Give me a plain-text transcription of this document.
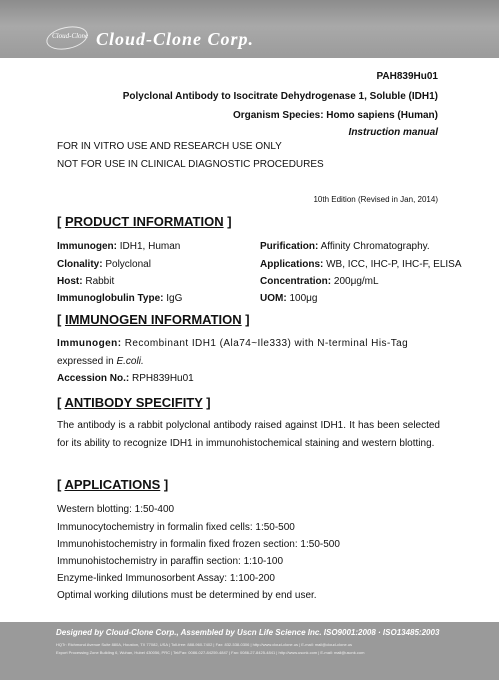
Cloud-Clone Cloud-Clone Corp.
PAH839Hu01
Polyclonal Antibody to Isocitrate Dehydrogenase 1, Soluble (IDH1)
Organism Species: Homo sapiens (Human)
Instruction manual
FOR IN VITRO USE AND RESEARCH USE ONLY
NOT FOR USE IN CLINICAL DIAGNOSTIC PROCEDURES
10th Edition (Revised in Jan, 2014)
[ PRODUCT INFORMATION ]
Immunogen: IDH1, Human
Clonality: Polyclonal
Host: Rabbit
Immunoglobulin Type: IgG
Purification: Affinity Chromatography.
Applications: WB, ICC, IHC-P, IHC-F, ELISA
Concentration: 200μg/mL
UOM: 100μg
[ IMMUNOGEN INFORMATION ]
Immunogen: Recombinant IDH1 (Ala74~Ile333) with N-terminal His-Tag
expressed in E.coli.
Accession No.: RPH839Hu01
[ ANTIBODY SPECIFITY ]
The antibody is a rabbit polyclonal antibody raised against IDH1. It has been selected for its ability to recognize IDH1 in immunohistochemical staining and western blotting.
[ APPLICATIONS ]
Western blotting: 1:50-400
Immunocytochemistry in formalin fixed cells: 1:50-500
Immunohistochemistry in formalin fixed frozen section: 1:50-500
Immunohistochemistry in paraffin section: 1:10-100
Enzyme-linked Immunosorbent Assay: 1:100-200
Optimal working dilutions must be determined by end user.
Designed by Cloud-Clone Corp., Assembled by Uscn Life Science Inc. ISO9001:2008 · ISO13485:2003
HQTr: Richmond Avenue Suite 880A, Houston, TX 77082, USA | Toll-free: 888-960-7402 | Fax: 832-538-0306 | http://www.cloud-clone.us | E-mail: mail@cloud-clone.us
Export Processing Zone Building 6, Wuhan, Hubei 430056, PRC | Tel/Fax: 0086-027-84259-4847 | Fax: 0086-27-8425-4841 | http://www.uscnk.com | E-mail: mail@uscnk.com
